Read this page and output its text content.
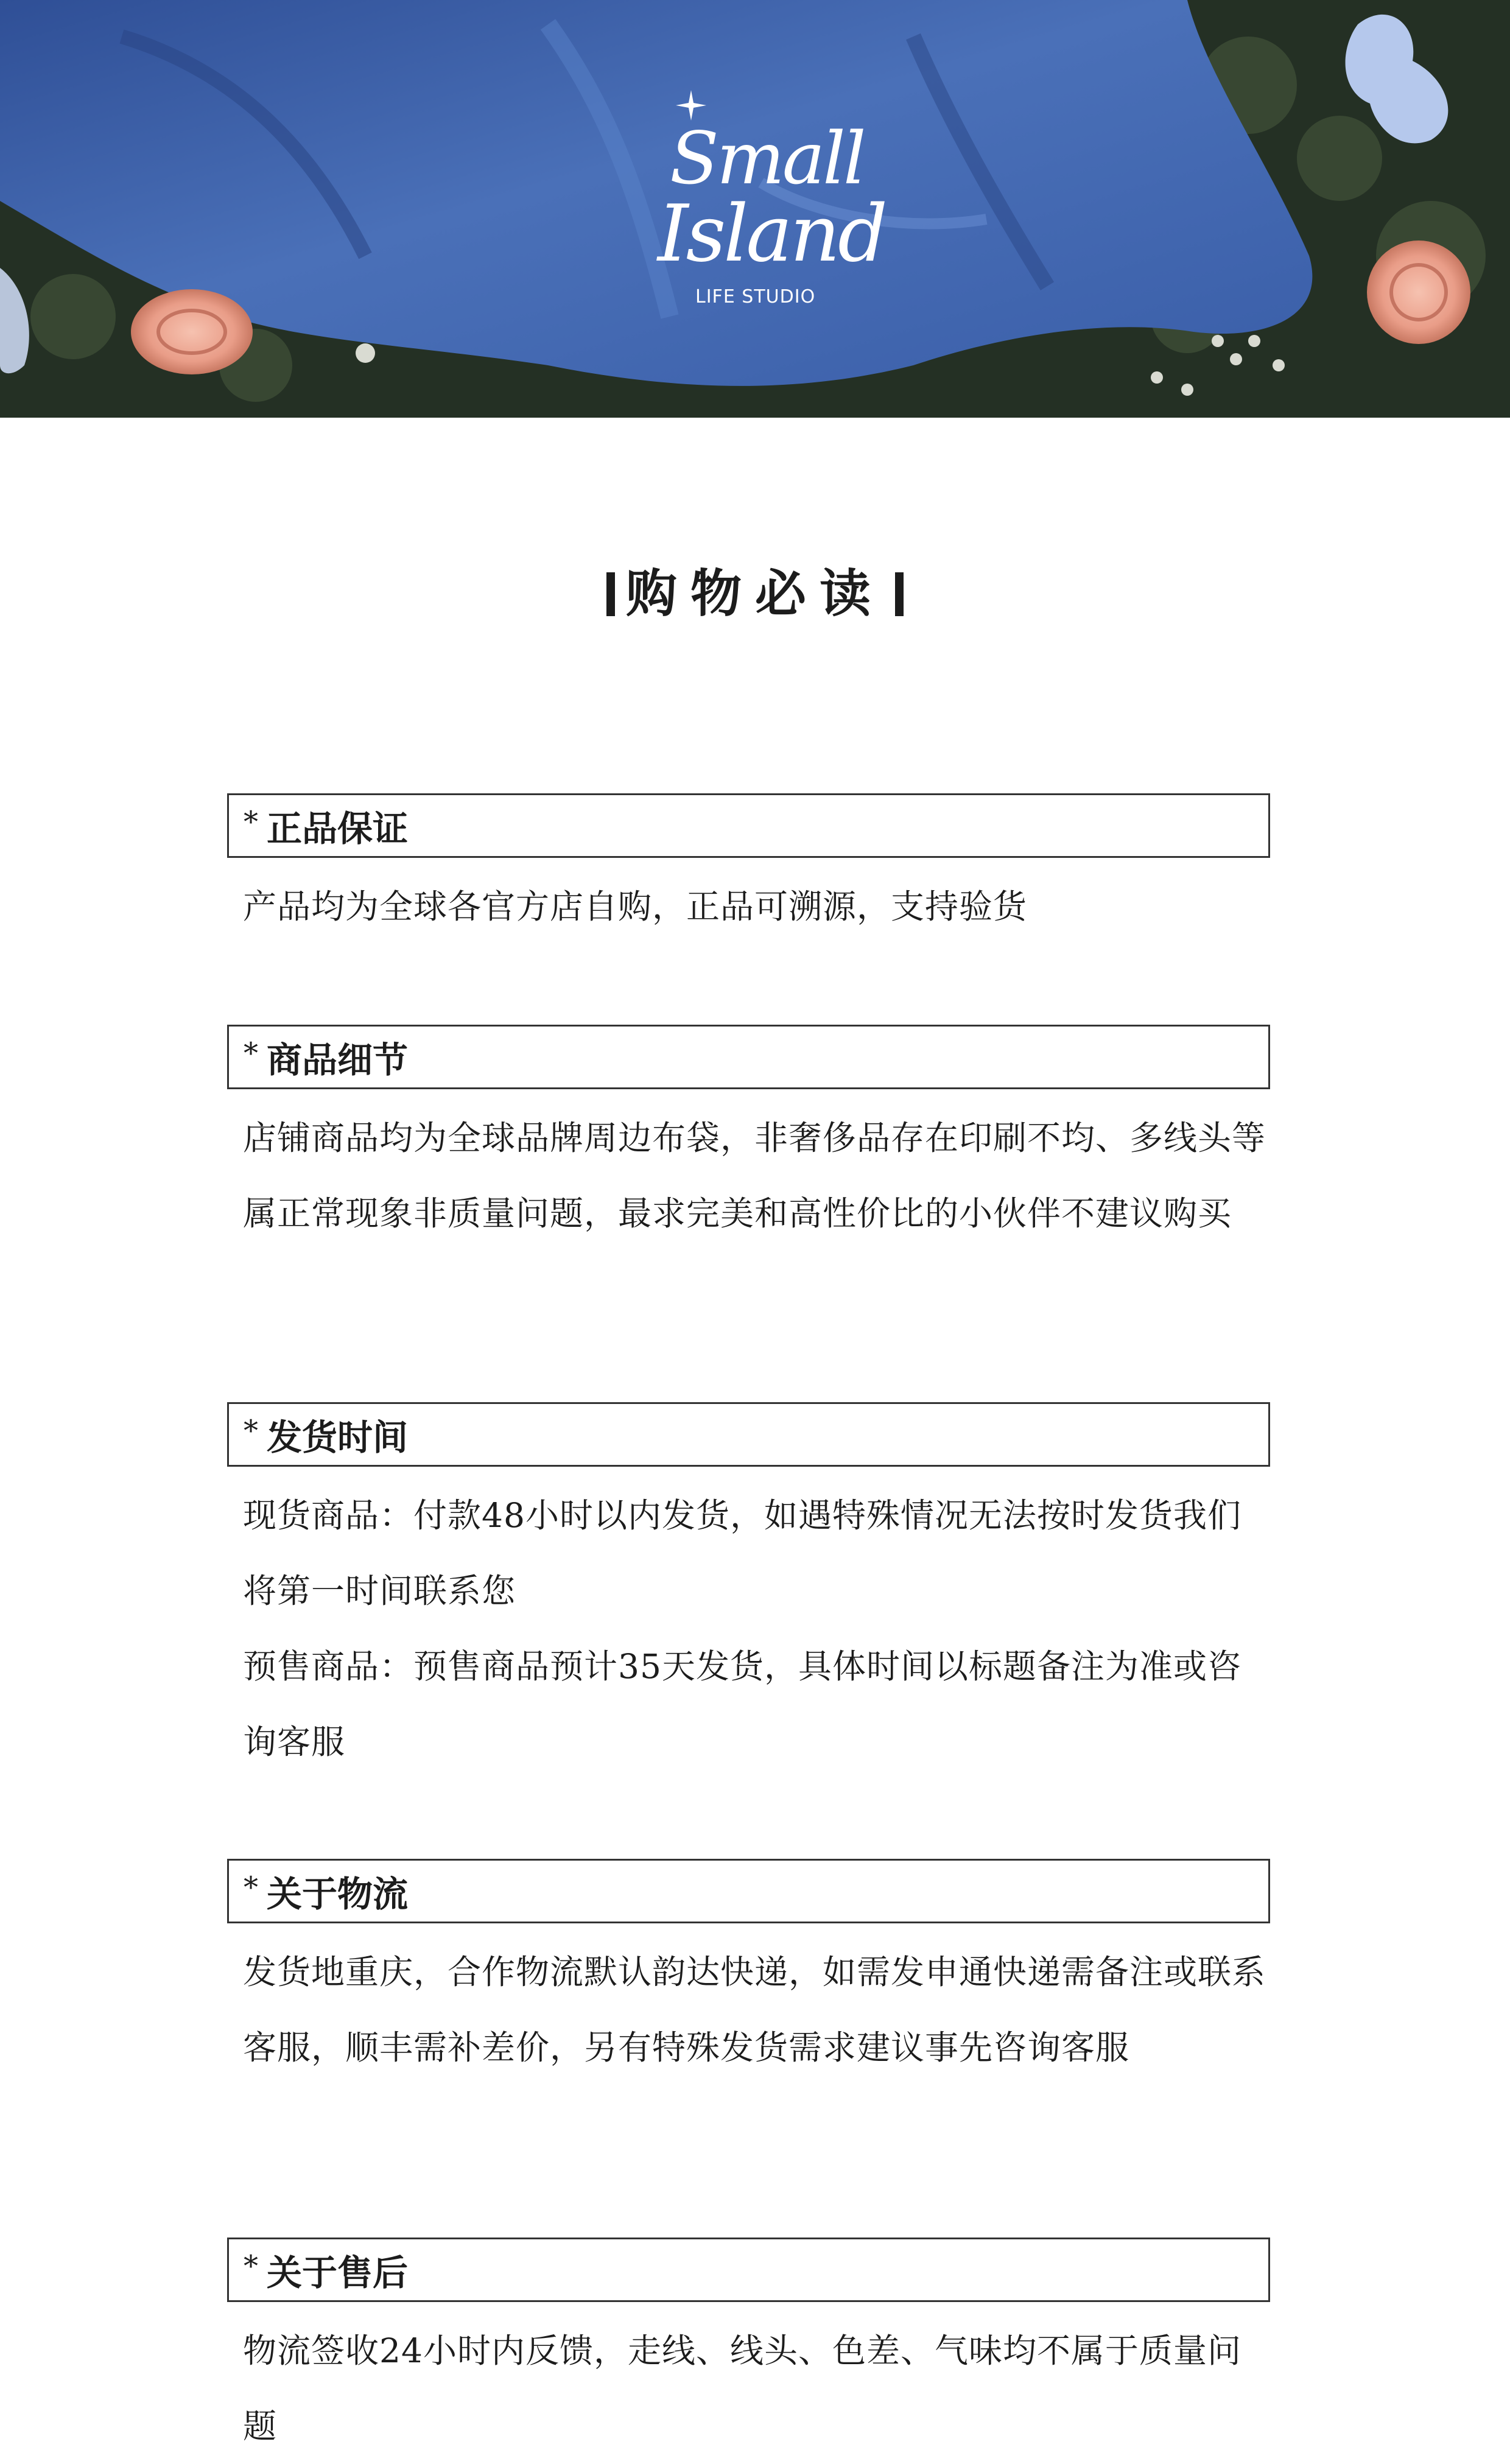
Small
Island
LIFE STUDIO
购物必读
* 正品保证

产品均为全球各官方店自购，正品可溯源，支持验货

* 商品细节

店铺商品均为全球品牌周边布袋，非奢侈品存在印刷不均、多线头等属正常现象非质量问题，最求完美和高性价比的小伙伴不建议购买

* 发货时间

现货商品：付款48小时以内发货，如遇特殊情况无法按时发货我们将第一时间联系您

预售商品：预售商品预计35天发货，具体时间以标题备注为准或咨询客服

* 关于物流

发货地重庆，合作物流默认韵达快递，如需发申通快递需备注或联系客服，顺丰需补差价，另有特殊发货需求建议事先咨询客服

* 关于售后

物流签收24小时内反馈，走线、线头、色差、气味均不属于质量问题
